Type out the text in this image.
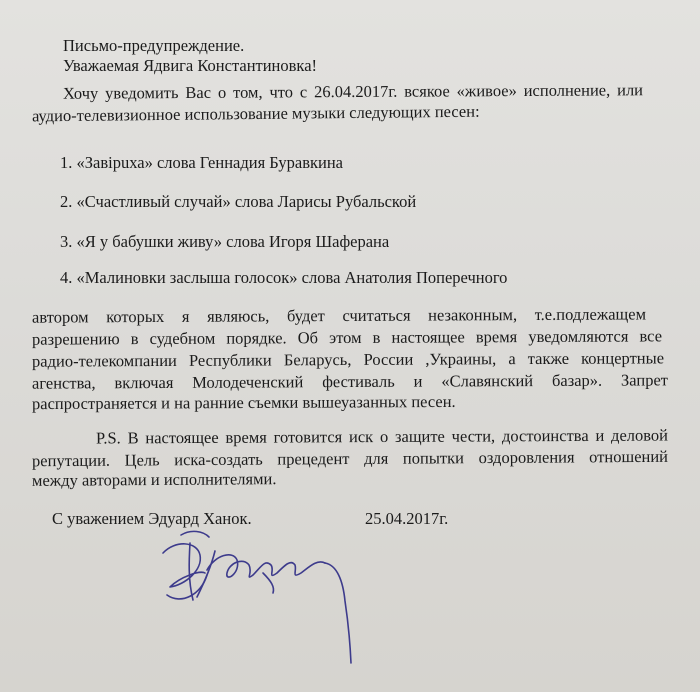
Письмо-предупреждение.
Уважаемая Ядвига Константиновка!
Хочу уведомить Вас о том, что с 26.04.2017г. всякое «живое» исполнение, или
аудио-телевизионное использование музыки следующих песен:
1. «Завірuха» слова Геннадия Буравкина
2. «Счастливый случай» слова Ларисы Рубальской
3. «Я у бабушки живу» слова Игоря Шаферана
4. «Малиновки заслыша голосок» слова Анатолия Поперечного
автором которых я являюсь, будет считаться незаконным, т.е.подлежащем
разрешению в судебном порядке. Об этом в настоящее время уведомляются все
радио-телекомпании Республики Беларусь, России ,Украины, а также концертные
агенства, включая Молодеченский фестиваль и «Славянский базар». Запрет
распространяется и на ранние съемки вышеуазанных песен.
P.S. В настоящее время готовится иск о защите чести, достоинства и деловой
репутации. Цель иска-создать прецедент для попытки оздоровления отношений
между авторами и исполнителями.
С уважением Эдуард Ханок.	25.04.2017г.
